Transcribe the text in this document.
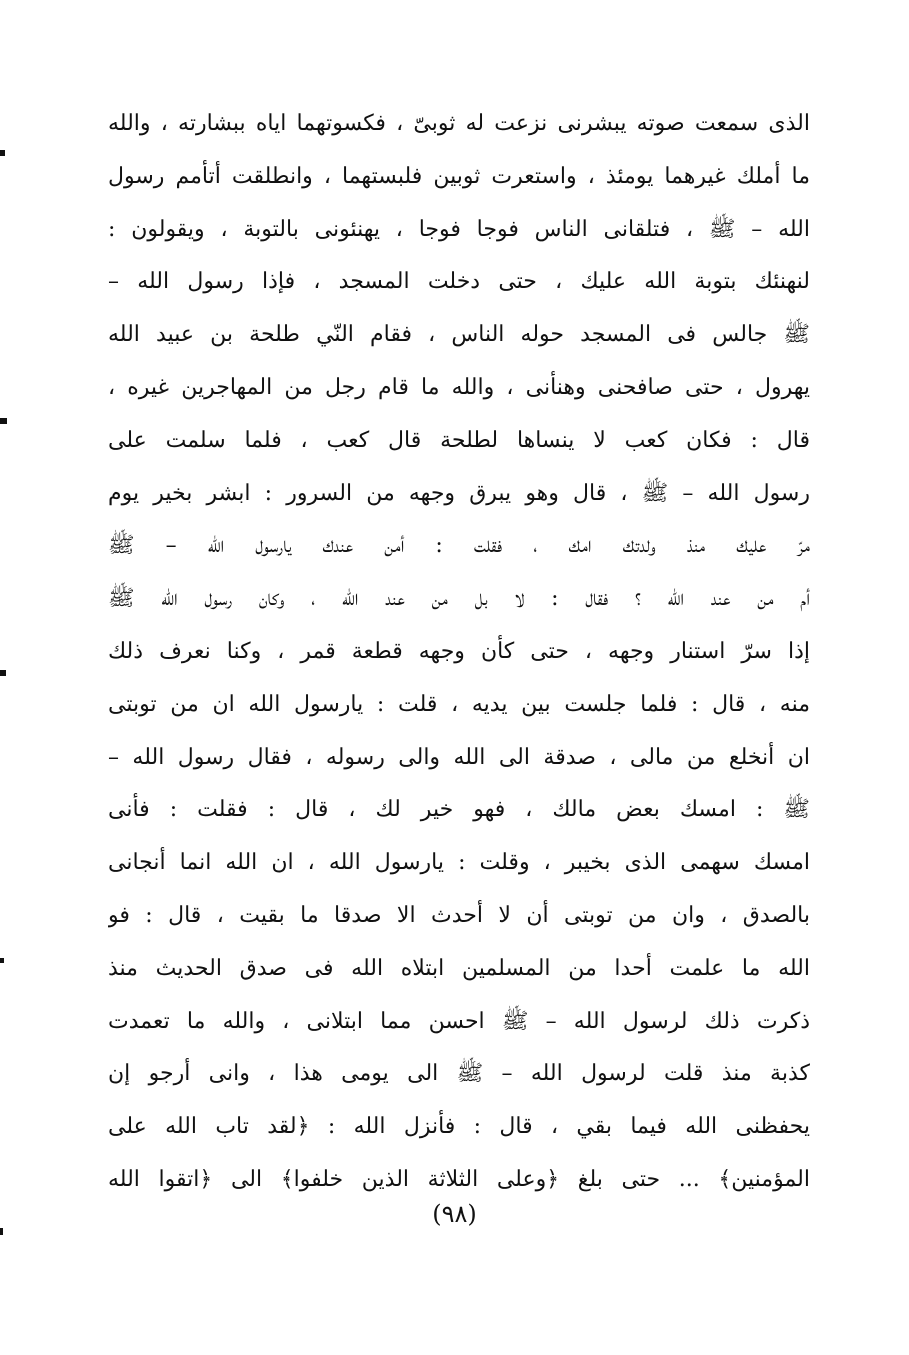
الذى سمعت صوته يبشرنى نزعت له ثوبىّ ، فكسوتهما اياه ببشارته ، والله
ما أملك غيرهما يومئذ ، واستعرت ثوبين فلبستهما ، وانطلقت أتأمم رسول
الله – ﷺ ، فتلقانى الناس فوجا فوجا ، يهنئونى بالتوبة ، ويقولون :
لنهنئك بتوبة الله عليك ، حتى دخلت المسجد ، فإذا رسول الله –
ﷺ جالس فى المسجد حوله الناس ، فقام النّي طلحة بن عبيد الله
يهرول ، حتى صافحنى وهنأنى ، والله ما قام رجل من المهاجرين غيره ،
قال : فكان كعب لا ينساها لطلحة قال كعب ، فلما سلمت على
رسول الله – ﷺ ، قال وهو يبرق وجهه من السرور : ابشر بخير يوم
مرّ عليك منذ ولدتك امك ، فقلت : أمن عندك يارسول الله – ﷺ
أم من عند اللّه ؟ فقال : لا بل من عند اللّه ، وكان رسول اللّه ﷺ
إذا سرّ استنار وجهه ، حتى كأن وجهه قطعة قمر ، وكنا نعرف ذلك
منه ، قال : فلما جلست بين يديه ، قلت : يارسول الله ان من توبتى
ان أنخلع من مالى ، صدقة الى الله والى رسوله ، فقال رسول الله –
ﷺ : امسك بعض مالك ، فهو خير لك ، قال : فقلت : فأنى
امسك سهمى الذى بخيبر ، وقلت : يارسول الله ، ان الله انما أنجانى
بالصدق ، وان من توبتى أن لا أحدث الا صدقا ما بقيت ، قال : فو
الله ما علمت أحدا من المسلمين ابتلاه الله فى صدق الحديث منذ
ذكرت ذلك لرسول الله – ﷺ احسن مما ابتلانى ، والله ما تعمدت
كذبة منذ قلت لرسول الله – ﷺ الى يومى هذا ، وانى أرجو إن
يحفظنى الله فيما بقي ، قال : فأنزل الله : ﴿لقد تاب الله على
المؤمنين﴾ ... حتى بلغ ﴿وعلى الثلاثة الذين خلفوا﴾ الى ﴿اتقوا الله
(٩٨)
